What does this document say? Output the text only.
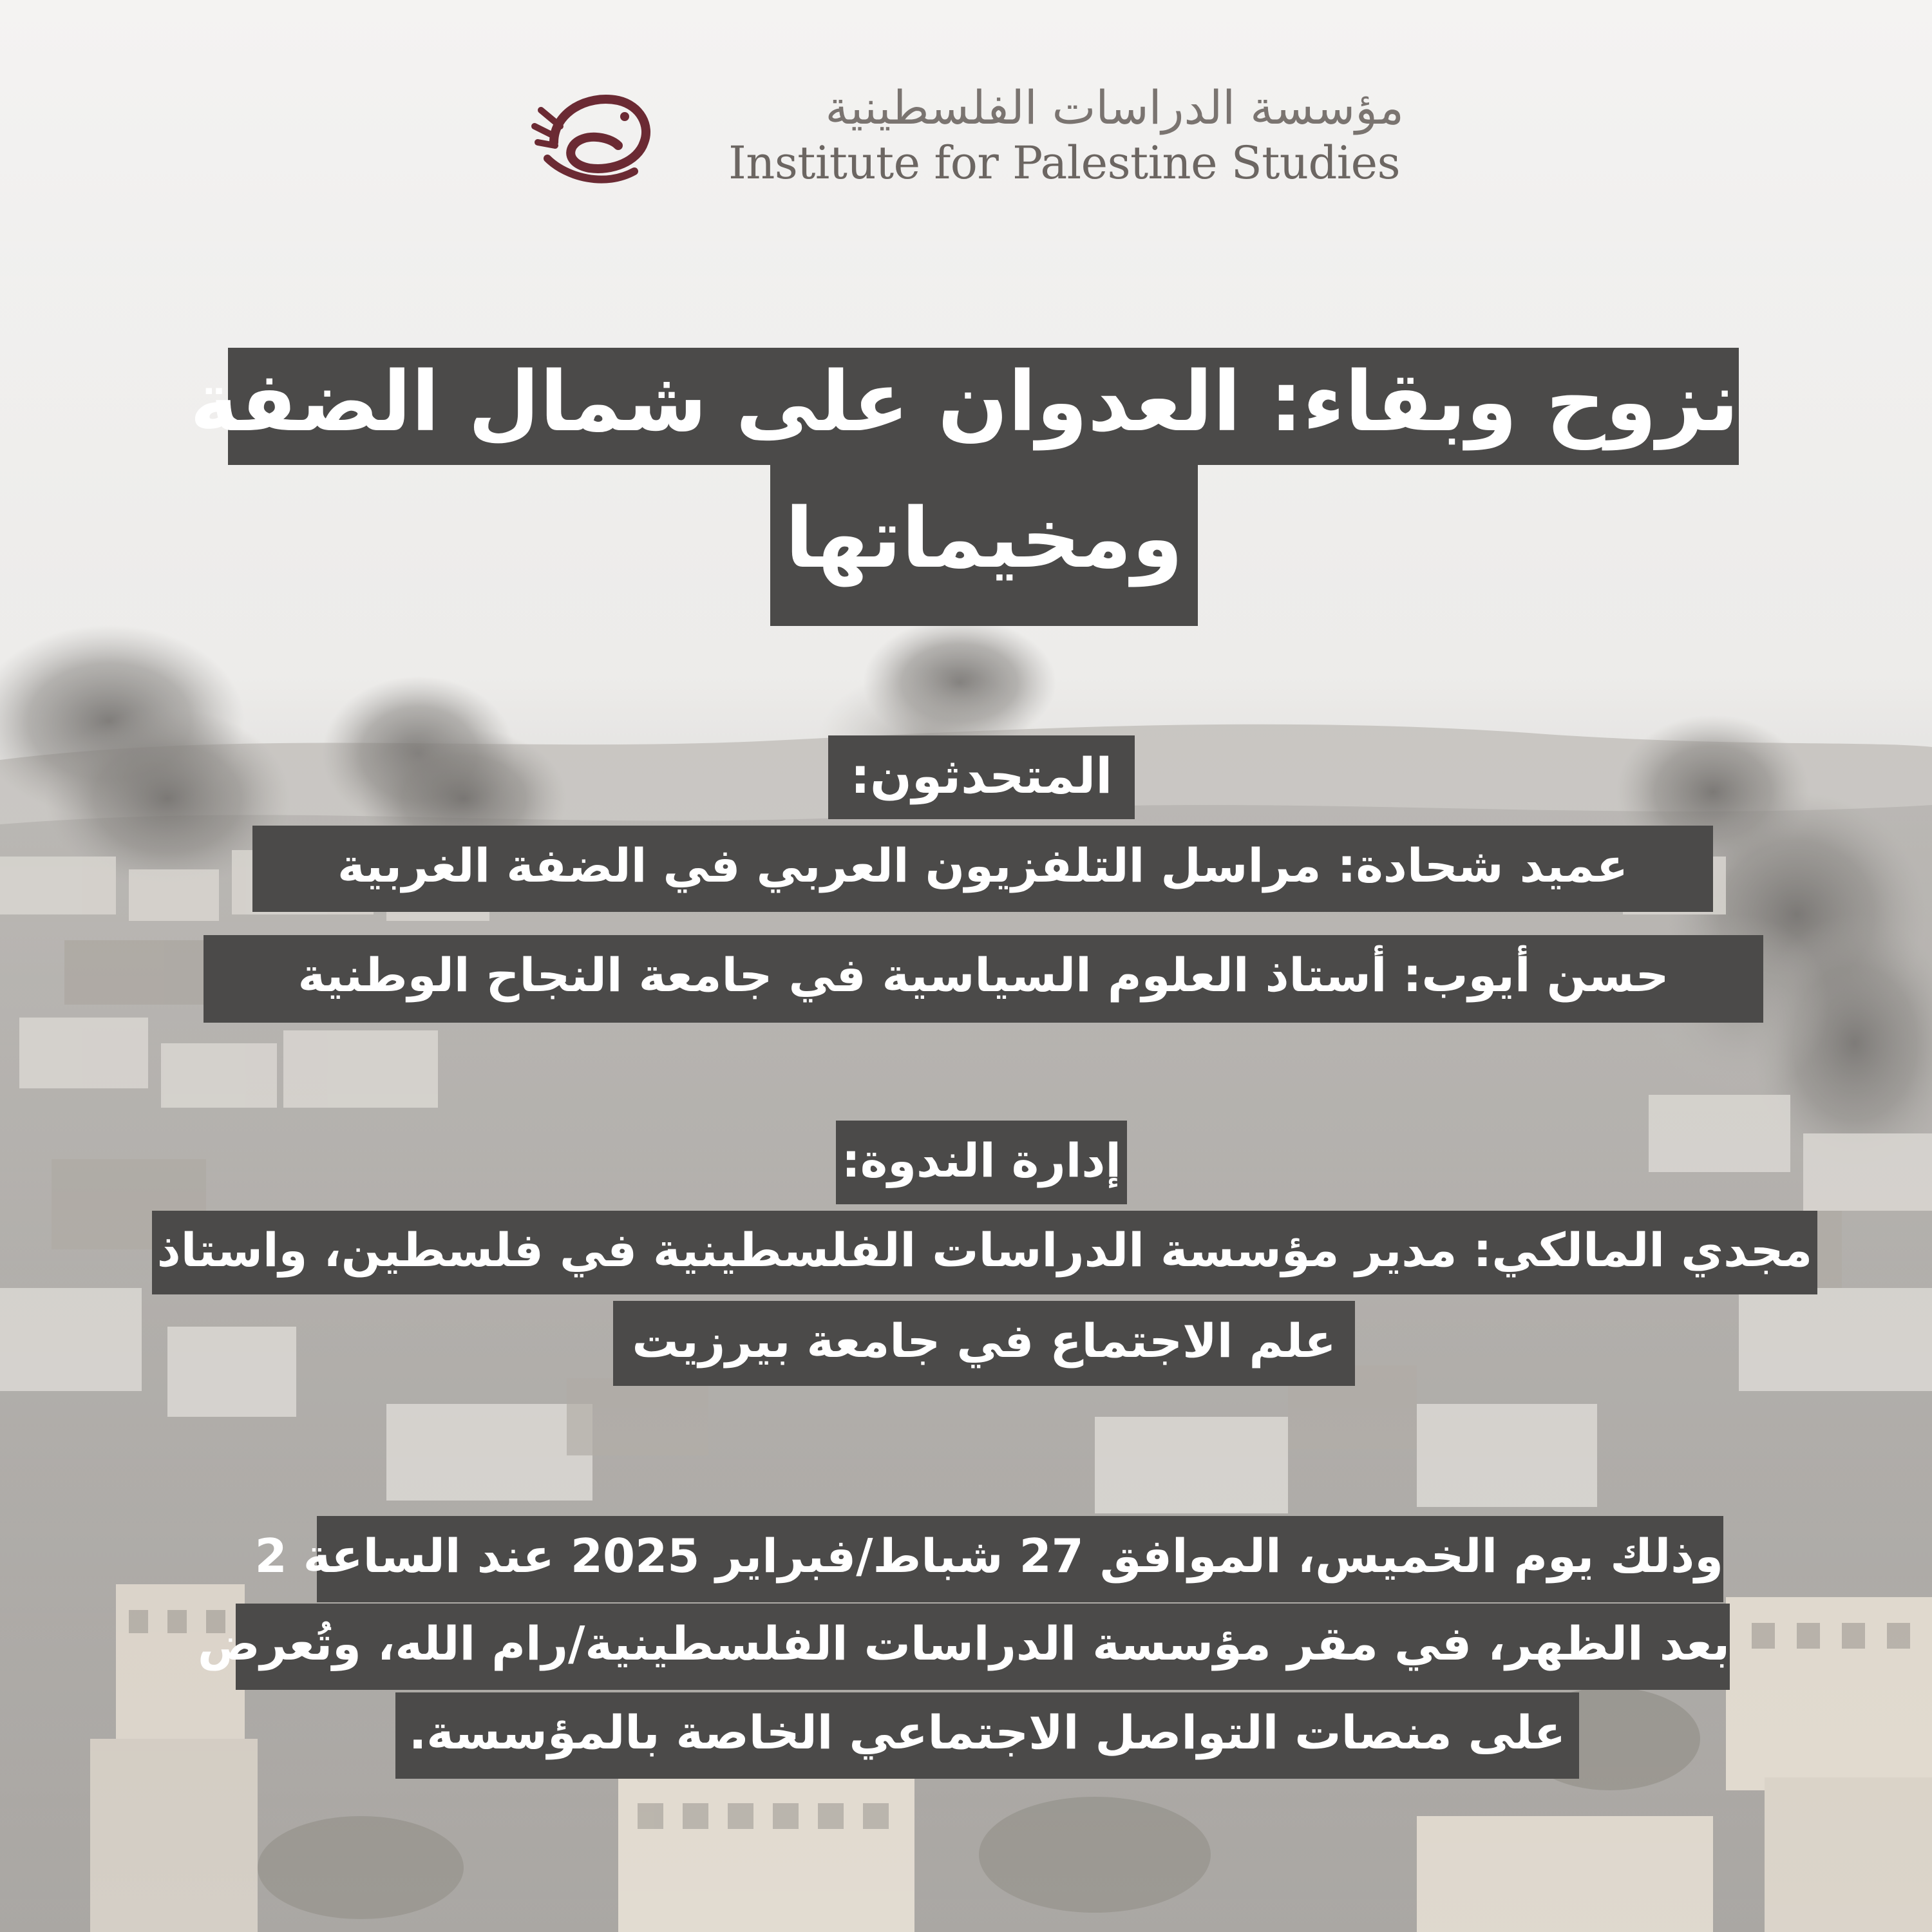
مؤسسة الدراسات الفلسطينية
Institute for Palestine Studies
نزوح وبقاء: العدوان على شمال الضفة
ومخيماتها
المتحدثون:
عميد شحادة: مراسل التلفزيون العربي في الضفة الغربية
حسن أيوب: أستاذ العلوم السياسية في جامعة النجاح الوطنية
إدارة الندوة:
مجدي المالكي: مدير مؤسسة الدراسات الفلسطينية في فلسطين، واستاذ
علم الاجتماع في جامعة بيرزيت
وذلك يوم الخميس، الموافق 27 شباط/فبراير 2025 عند الساعة 2
بعد الظهر، في مقر مؤسسة الدراسات الفلسطينية/رام الله، وتُعرض
على منصات التواصل الاجتماعي الخاصة بالمؤسسة.
